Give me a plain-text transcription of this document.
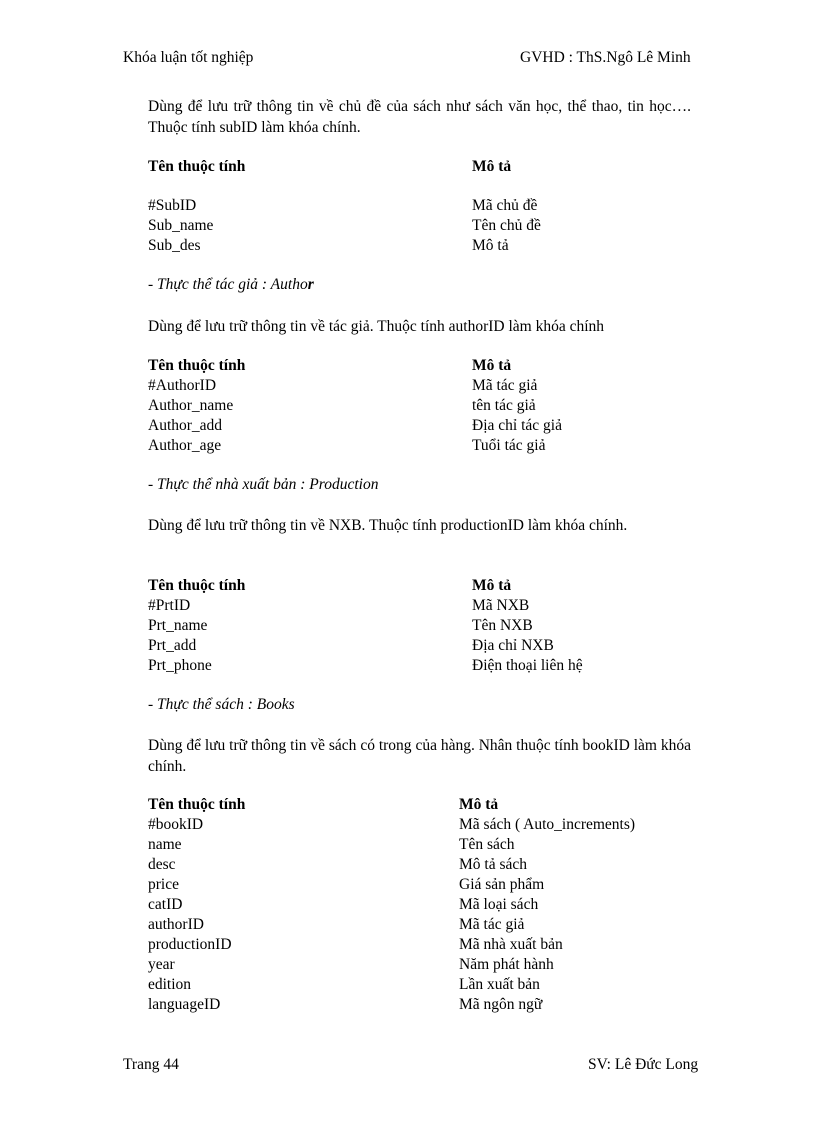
Khóa luận tốt nghiệp	GVHD : ThS.Ngô Lê Minh
Dùng để lưu trữ thông tin về chủ đề của sách như sách văn học, thể thao, tin học…. Thuộc tính subID làm khóa chính.
Tên thuộc tính	Mô tả
#SubID	Mã chủ đề
Sub_name	Tên chủ đề
Sub_des	Mô tả
- Thực thể tác giả : Author
Dùng để lưu trữ thông tin về tác giả. Thuộc tính authorID làm khóa chính
Tên thuộc tính	Mô tả
#AuthorID	Mã tác giả
Author_name	tên tác giả
Author_add	Địa chỉ tác giả
Author_age	Tuổi tác giả
- Thực thể nhà xuất bản : Production
Dùng để lưu trữ thông tin về NXB. Thuộc tính productionID làm khóa chính.
Tên thuộc tính	Mô tả
#PrtID	Mã NXB
Prt_name	Tên NXB
Prt_add	Địa chỉ NXB
Prt_phone	Điện thoại liên hệ
- Thực thể sách : Books
Dùng để lưu trữ thông tin về sách có trong của hàng. Nhân thuộc tính bookID làm khóa chính.
Tên thuộc tính	Mô tả
#bookID	Mã sách ( Auto_increments)
name	Tên sách
desc	Mô tả sách
price	Giá sản phẩm
catID	Mã loại sách
authorID	Mã tác giả
productionID	Mã nhà xuất bản
year	Năm phát hành
edition	Lần xuất bản
languageID	Mã ngôn ngữ
Trang 44	SV: Lê Đức Long
